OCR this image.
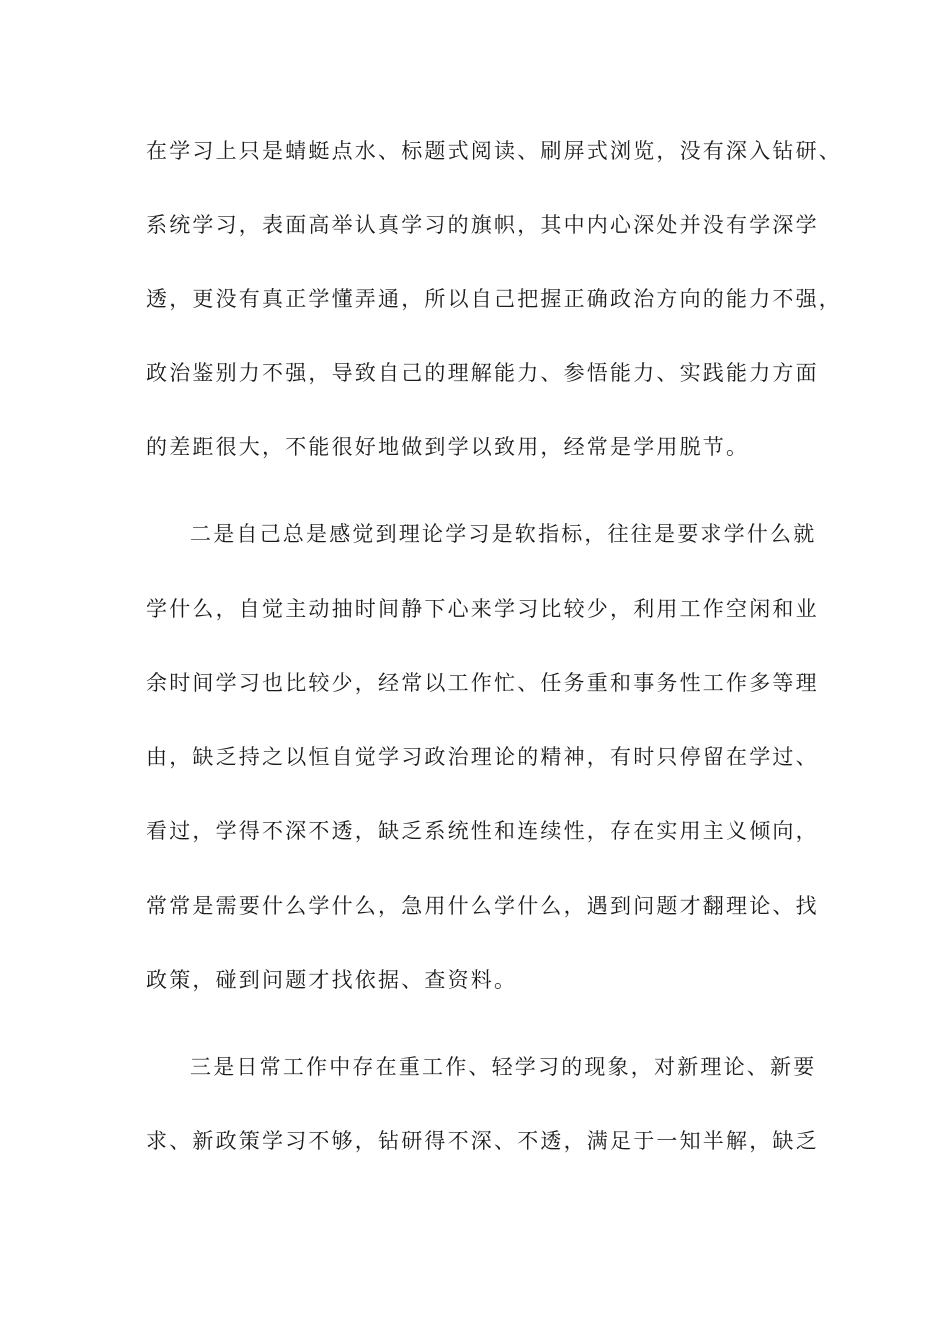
在学习上只是蜻蜓点水、标题式阅读、刷屏式浏览，没有深入钻研、
系统学习，表面高举认真学习的旗帜，其中内心深处并没有学深学
透，更没有真正学懂弄通，所以自己把握正确政治方向的能力不强，
政治鉴别力不强，导致自己的理解能力、参悟能力、实践能力方面
的差距很大，不能很好地做到学以致用，经常是学用脱节。
二是自己总是感觉到理论学习是软指标，往往是要求学什么就
学什么，自觉主动抽时间静下心来学习比较少，利用工作空闲和业
余时间学习也比较少，经常以工作忙、任务重和事务性工作多等理
由，缺乏持之以恒自觉学习政治理论的精神，有时只停留在学过、
看过，学得不深不透，缺乏系统性和连续性，存在实用主义倾向，
常常是需要什么学什么，急用什么学什么，遇到问题才翻理论、找
政策，碰到问题才找依据、查资料。
三是日常工作中存在重工作、轻学习的现象，对新理论、新要
求、新政策学习不够，钻研得不深、不透，满足于一知半解，缺乏
